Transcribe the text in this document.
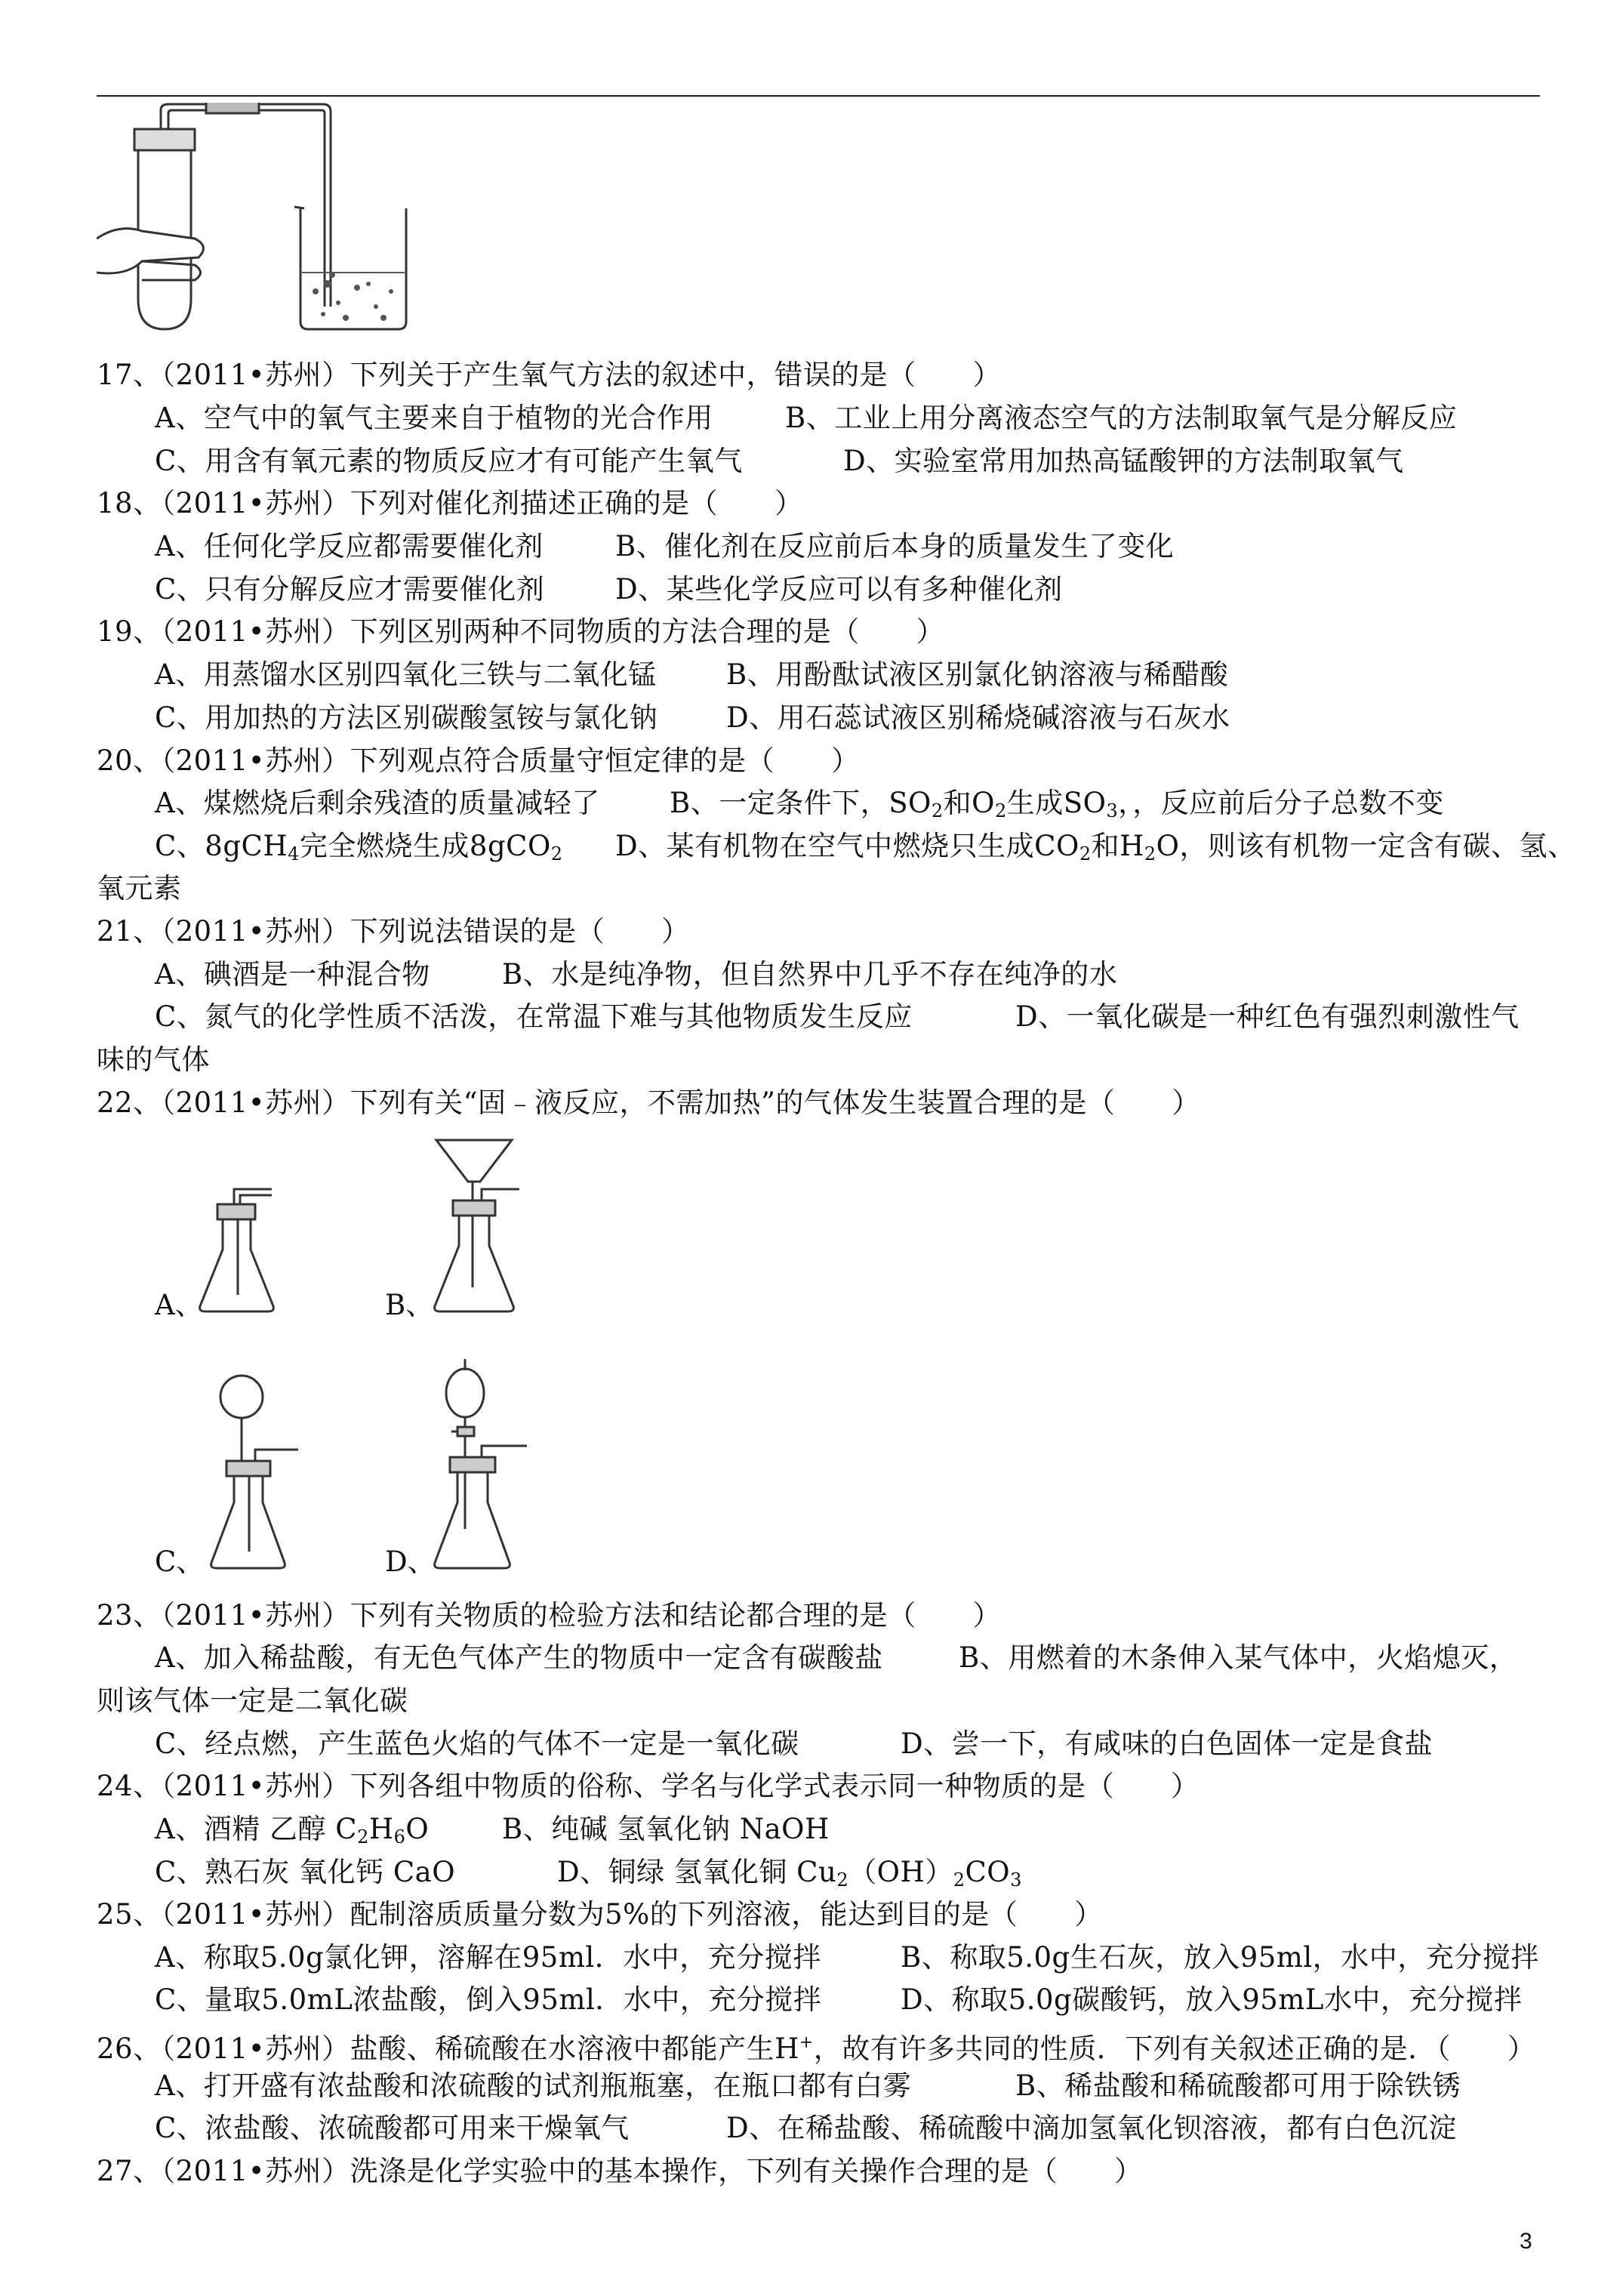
17、（2011•苏州）下列关于产生氧气方法的叙述中，错误的是（　　）
A、空气中的氧气主要来自于植物的光合作用	B、工业上用分离液态空气的方法制取氧气是分解反应
C、用含有氧元素的物质反应才有可能产生氧气	D、实验室常用加热高锰酸钾的方法制取氧气
18、（2011•苏州）下列对催化剂描述正确的是（　　）
A、任何化学反应都需要催化剂	B、催化剂在反应前后本身的质量发生了变化
C、只有分解反应才需要催化剂	D、某些化学反应可以有多种催化剂
19、（2011•苏州）下列区别两种不同物质的方法合理的是（　　）
A、用蒸馏水区别四氧化三铁与二氧化锰 B、用酚酞试液区别氯化钠溶液与稀醋酸
C、用加热的方法区别碳酸氢铵与氯化钠 D、用石蕊试液区别稀烧碱溶液与石灰水
20、（2011•苏州）下列观点符合质量守恒定律的是（　　）
A、煤燃烧后剩余残渣的质量减轻了 B、一定条件下，$SO_2$和$O_2$生成$SO_3$，，反应前后分子总数不变
C、8gCH$_4$完全燃烧生成8gCO$_2$ D、某有机物在空气中燃烧只生成$CO_2$和$H_2O$，则该有机物一定含有碳、氢、
氧元素
21、（2011•苏州）下列说法错误的是（　　）
A、碘酒是一种混合物	B、水是纯净物，但自然界中几乎不存在纯净的水
C、氮气的化学性质不活泼，在常温下难与其他物质发生反应	D、一氧化碳是一种红色有强烈刺激性气
味的气体
22、（2011•苏州）下列有关“固﹣液反应，不需加热”的气体发生装置合理的是（　　）
A、	B、
C、	D、
23、（2011•苏州）下列有关物质的检验方法和结论都合理的是（　　）
A、加入稀盐酸，有无色气体产生的物质中一定含有碳酸盐	B、用燃着的木条伸入某气体中，火焰熄灭，
则该气体一定是二氧化碳
C、经点燃，产生蓝色火焰的气体不一定是一氧化碳	D、尝一下，有咸味的白色固体一定是食盐
24、（2011•苏州）下列各组中物质的俗称、学名与化学式表示同一种物质的是（　　）
A、酒精 乙醇 $C_2H_6O$	B、纯碱 氢氧化钠 NaOH
C、熟石灰 氧化钙 CaO	D、铜绿 氢氧化铜 $Cu_2(OH)_2CO_3$
25、（2011•苏州）配制溶质质量分数为5%的下列溶液，能达到目的是（　　）
A、称取5.0g氯化钾，溶解在95ml．水中，充分搅拌	B、称取5.0g生石灰，放入95ml，水中，充分搅拌
C、量取5.0mL浓盐酸，倒入95ml．水中，充分搅拌	D、称取5.0g碳酸钙，放入95mL水中，充分搅拌
26、（2011•苏州）盐酸、稀硫酸在水溶液中都能产生H+，故有许多共同的性质．下列有关叙述正确的是．（　　）
A、打开盛有浓盐酸和浓硫酸的试剂瓶瓶塞，在瓶口都有白雾	B、稀盐酸和稀硫酸都可用于除铁锈
C、浓盐酸、浓硫酸都可用来干燥氧气	D、在稀盐酸、稀硫酸中滴加氢氧化钡溶液，都有白色沉淀
27、（2011•苏州）洗涤是化学实验中的基本操作，下列有关操作合理的是（　　）
3
